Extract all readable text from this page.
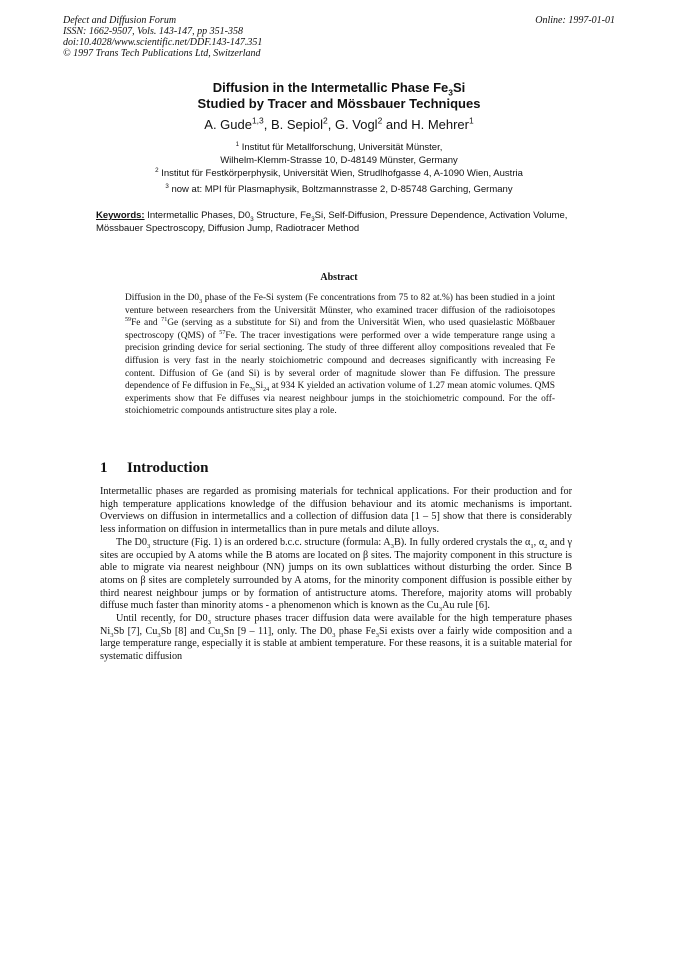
Defect and Diffusion Forum
ISSN: 1662-9507, Vols. 143-147, pp 351-358
doi:10.4028/www.scientific.net/DDF.143-147.351
© 1997 Trans Tech Publications Ltd, Switzerland
Online: 1997-01-01
Diffusion in the Intermetallic Phase $Fe_3Si$
Studied by Tracer and Mössbauer Techniques
A. Gude$^{1,3}$, B. Sepiol$^2$, G. Vogl$^2$ and H. Mehrer$^1$
$^1$ Institut für Metallforschung, Universität Münster,
Wilhelm-Klemm-Strasse 10, D-48149 Münster, Germany
$^2$ Institut für Festkörperphysik, Universität Wien, Strudlhofgasse 4, A-1090 Wien, Austria
$^3$ now at: MPI für Plasmaphysik, Boltzmannstrasse 2, D-85748 Garching, Germany
Keywords: Intermetallic Phases, $D0_3$ Structure, $Fe_3Si$, Self-Diffusion, Pressure Dependence, Activation Volume, Mössbauer Spectroscopy, Diffusion Jump, Radiotracer Method
Abstract
Diffusion in the $D0_3$ phase of the Fe-Si system (Fe concentrations from 75 to 82 at.%) has been studied in a joint venture between researchers from the Universität Münster, who examined tracer diffusion of the radioisotopes $^{59}$Fe and $^{71}$Ge (serving as a substitute for Si) and from the Universität Wien, who used quasielastic Mößbauer spectroscopy (QMS) of $^{57}$Fe. The tracer investigations were performed over a wide temperature range using a precision grinding device for serial sectioning. The study of three different alloy compositions revealed that Fe diffusion is very fast in the nearly stoichiometric compound and decreases significantly with increasing Fe content. Diffusion of Ge (and Si) is by several order of magnitude slower than Fe diffusion. The pressure dependence of Fe diffusion in $Fe_{76}Si_{24}$ at 934 K yielded an activation volume of 1.27 mean atomic volumes. QMS experiments show that Fe diffuses via nearest neighbour jumps in the stoichiometric compound. For the off-stoichiometric compounds antistructure sites play a role.
1 Introduction

Intermetallic phases are regarded as promising materials for technical applications. For their production and for high temperature applications knowledge of the diffusion behaviour and its atomic mechanisms is important. Overviews on diffusion in intermetallics and a collection of diffusion data [1 – 5] show that there is considerably less information on diffusion in intermetallics than in pure metals and dilute alloys.

The $D0_3$ structure (Fig. 1) is an ordered b.c.c. structure (formula: $A_3B$). In fully ordered crystals the $\alpha_1$, $\alpha_2$ and γ sites are occupied by A atoms while the B atoms are located on β sites. The majority component in this structure is able to migrate via nearest neighbour (NN) jumps on its own sublattices without disturbing the order. Since B atoms on β sites are completely surrounded by A atoms, for the minority component diffusion is possible either by third nearest neighbour jumps or by formation of antistructure atoms. Therefore, majority atoms will probably diffuse much faster than minority atoms - a phenomenon which is known as the $Cu_3Au$ rule [6].

Until recently, for $D0_3$ structure phases tracer diffusion data were available for the high temperature phases $Ni_3Sb$ [7], $Cu_3Sb$ [8] and $Cu_3Sn$ [9 – 11], only. The $D0_3$ phase $Fe_3Si$ exists over a fairly wide composition and a large temperature range, especially it is stable at ambient temperature. For these reasons, it is a suitable material for systematic diffusion
